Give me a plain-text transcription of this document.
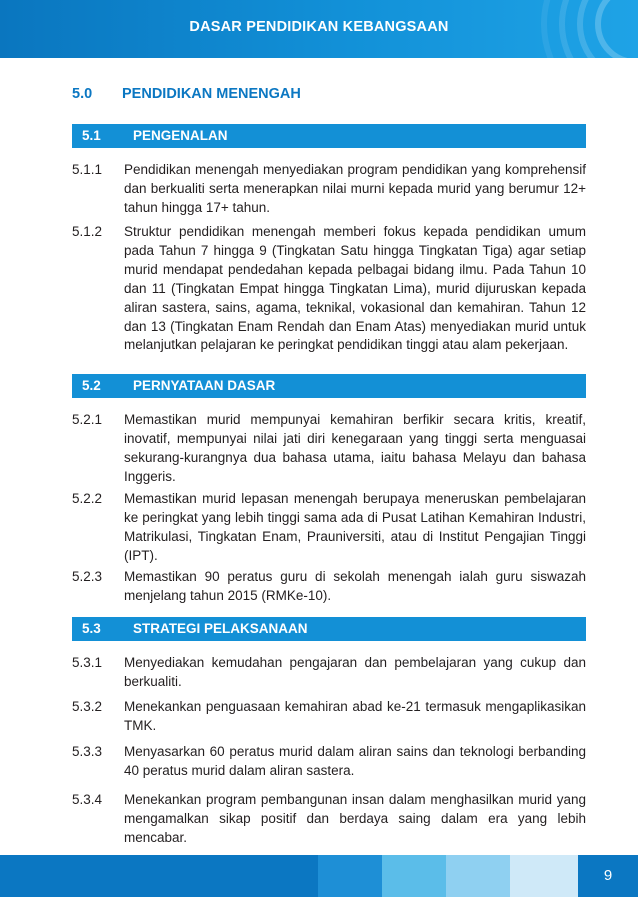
DASAR PENDIDIKAN KEBANGSAAN
5.0 PENDIDIKAN MENENGAH
5.1 PENGENALAN
5.1.1 Pendidikan menengah menyediakan program pendidikan yang komprehensif dan berkualiti serta menerapkan nilai murni kepada murid yang berumur 12+ tahun hingga 17+ tahun.
5.1.2 Struktur pendidikan menengah memberi fokus kepada pendidikan umum pada Tahun 7 hingga 9 (Tingkatan Satu hingga Tingkatan Tiga) agar setiap murid mendapat pendedahan kepada pelbagai bidang ilmu. Pada Tahun 10 dan 11 (Tingkatan Empat hingga Tingkatan Lima), murid dijuruskan kepada aliran sastera, sains, agama, teknikal, vokasional dan kemahiran. Tahun 12 dan 13 (Tingkatan Enam Rendah dan Enam Atas) menyediakan murid untuk melanjutkan pelajaran ke peringkat pendidikan tinggi atau alam pekerjaan.
5.2 PERNYATAAN DASAR
5.2.1 Memastikan murid mempunyai kemahiran berfikir secara kritis, kreatif, inovatif, mempunyai nilai jati diri kenegaraan yang tinggi serta menguasai sekurang-kurangnya dua bahasa utama, iaitu bahasa Melayu dan bahasa Inggeris.
5.2.2 Memastikan murid lepasan menengah berupaya meneruskan pembelajaran ke peringkat yang lebih tinggi sama ada di Pusat Latihan Kemahiran Industri, Matrikulasi, Tingkatan Enam, Prauniversiti, atau di Institut Pengajian Tinggi (IPT).
5.2.3 Memastikan 90 peratus guru di sekolah menengah ialah guru siswazah menjelang tahun 2015 (RMKe-10).
5.3 STRATEGI PELAKSANAAN
5.3.1 Menyediakan kemudahan pengajaran dan pembelajaran yang cukup dan berkualiti.
5.3.2 Menekankan penguasaan kemahiran abad ke-21 termasuk mengaplikasikan TMK.
5.3.3 Menyasarkan 60 peratus murid dalam aliran sains dan teknologi berbanding 40 peratus murid dalam aliran sastera.
5.3.4 Menekankan program pembangunan insan dalam menghasilkan murid yang mengamalkan sikap positif dan berdaya saing dalam era yang lebih mencabar.
9
